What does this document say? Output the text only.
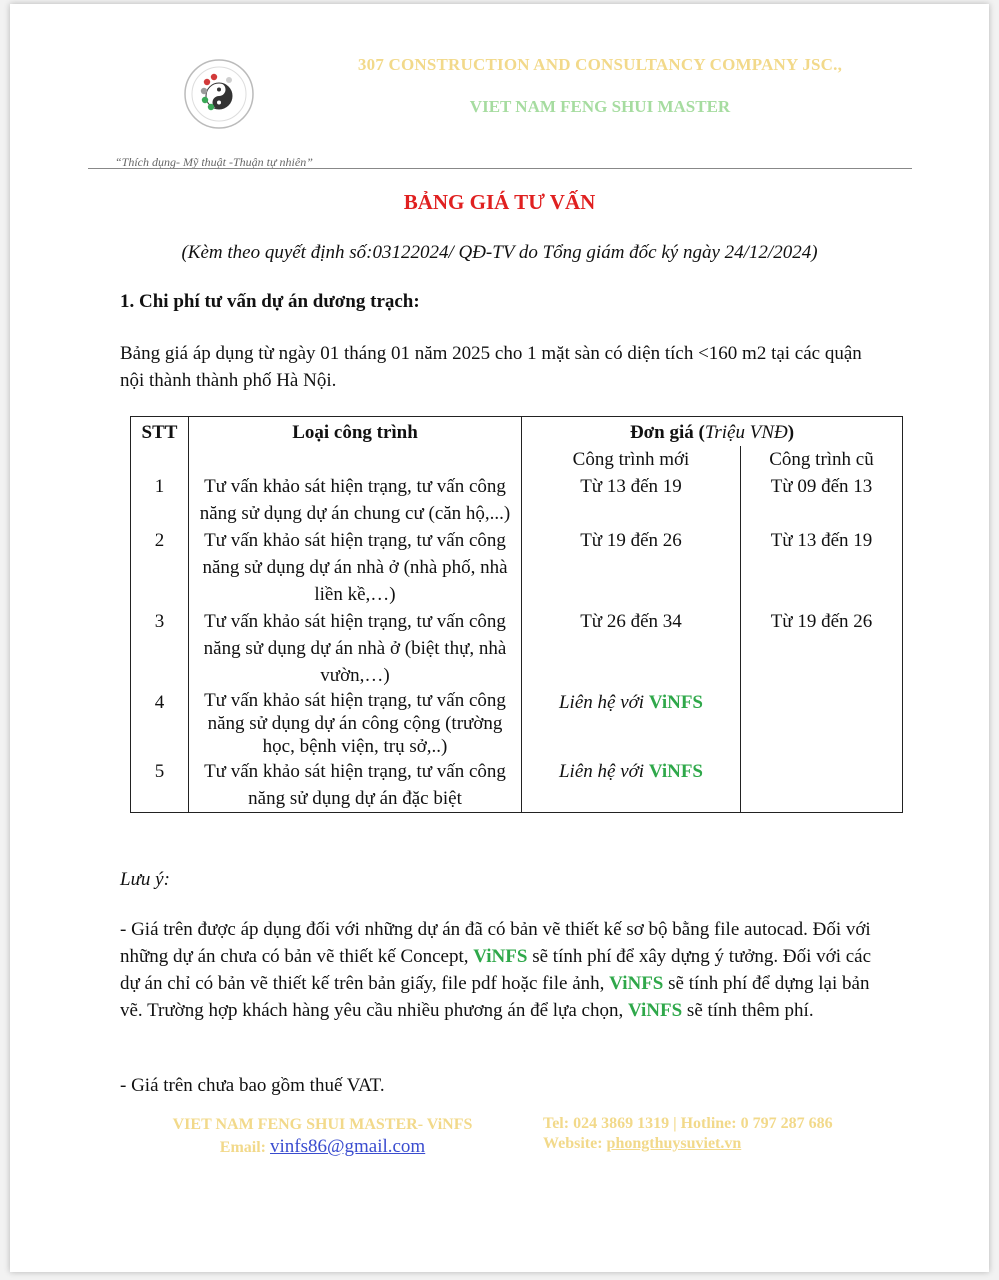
307 CONSTRUCTION AND CONSULTANCY COMPANY JSC.,
VIET NAM FENG SHUI MASTER
“Thích dụng- Mỹ thuật -Thuận tự nhiên”
BẢNG GIÁ TƯ VẤN
(Kèm theo quyết định số:03122024/ QĐ-TV do Tổng giám đốc ký ngày 24/12/2024)
1. Chi phí tư vấn dự án dương trạch:
Bảng giá áp dụng từ ngày 01 tháng 01 năm 2025 cho 1 mặt sàn có diện tích <160 m2 tại các quận nội thành thành phố Hà Nội.
STT	Loại công trình	Đơn giá (Triệu VNĐ)	
		Công trình mới	Công trình cũ
1	Tư vấn khảo sát hiện trạng, tư vấn công năng sử dụng dự án chung cư (căn hộ,...)	Từ 13 đến 19	Từ 09 đến 13
2	Tư vấn khảo sát hiện trạng, tư vấn công năng sử dụng dự án nhà ở (nhà phố, nhà liền kề,…)	Từ 19 đến 26	Từ 13 đến 19
3	Tư vấn khảo sát hiện trạng, tư vấn công năng sử dụng dự án nhà ở (biệt thự, nhà vườn,…)	Từ 26 đến 34	Từ 19 đến 26
4	Tư vấn khảo sát hiện trạng, tư vấn công năng sử dụng dự án công cộng (trường học, bệnh viện, trụ sở,..)	Liên hệ với ViNFS	
5	Tư vấn khảo sát hiện trạng, tư vấn công năng sử dụng dự án đặc biệt	Liên hệ với ViNFS	
Lưu ý:
- Giá trên được áp dụng đối với những dự án đã có bản vẽ thiết kế sơ bộ bằng file autocad. Đối với những dự án chưa có bản vẽ thiết kế Concept, ViNFS sẽ tính phí để xây dựng ý tưởng. Đối với các dự án chỉ có bản vẽ thiết kế trên bản giấy, file pdf hoặc file ảnh, ViNFS sẽ tính phí để dựng lại bản vẽ. Trường hợp khách hàng yêu cầu nhiều phương án để lựa chọn, ViNFS sẽ tính thêm phí.
- Giá trên chưa bao gồm thuế VAT.
VIET NAM FENG SHUI MASTER- ViNFS
Email: vinfs86@gmail.com
Tel: 024 3869 1319 | Hotline: 0 797 287 686
Website: phongthuysuviet.vn
